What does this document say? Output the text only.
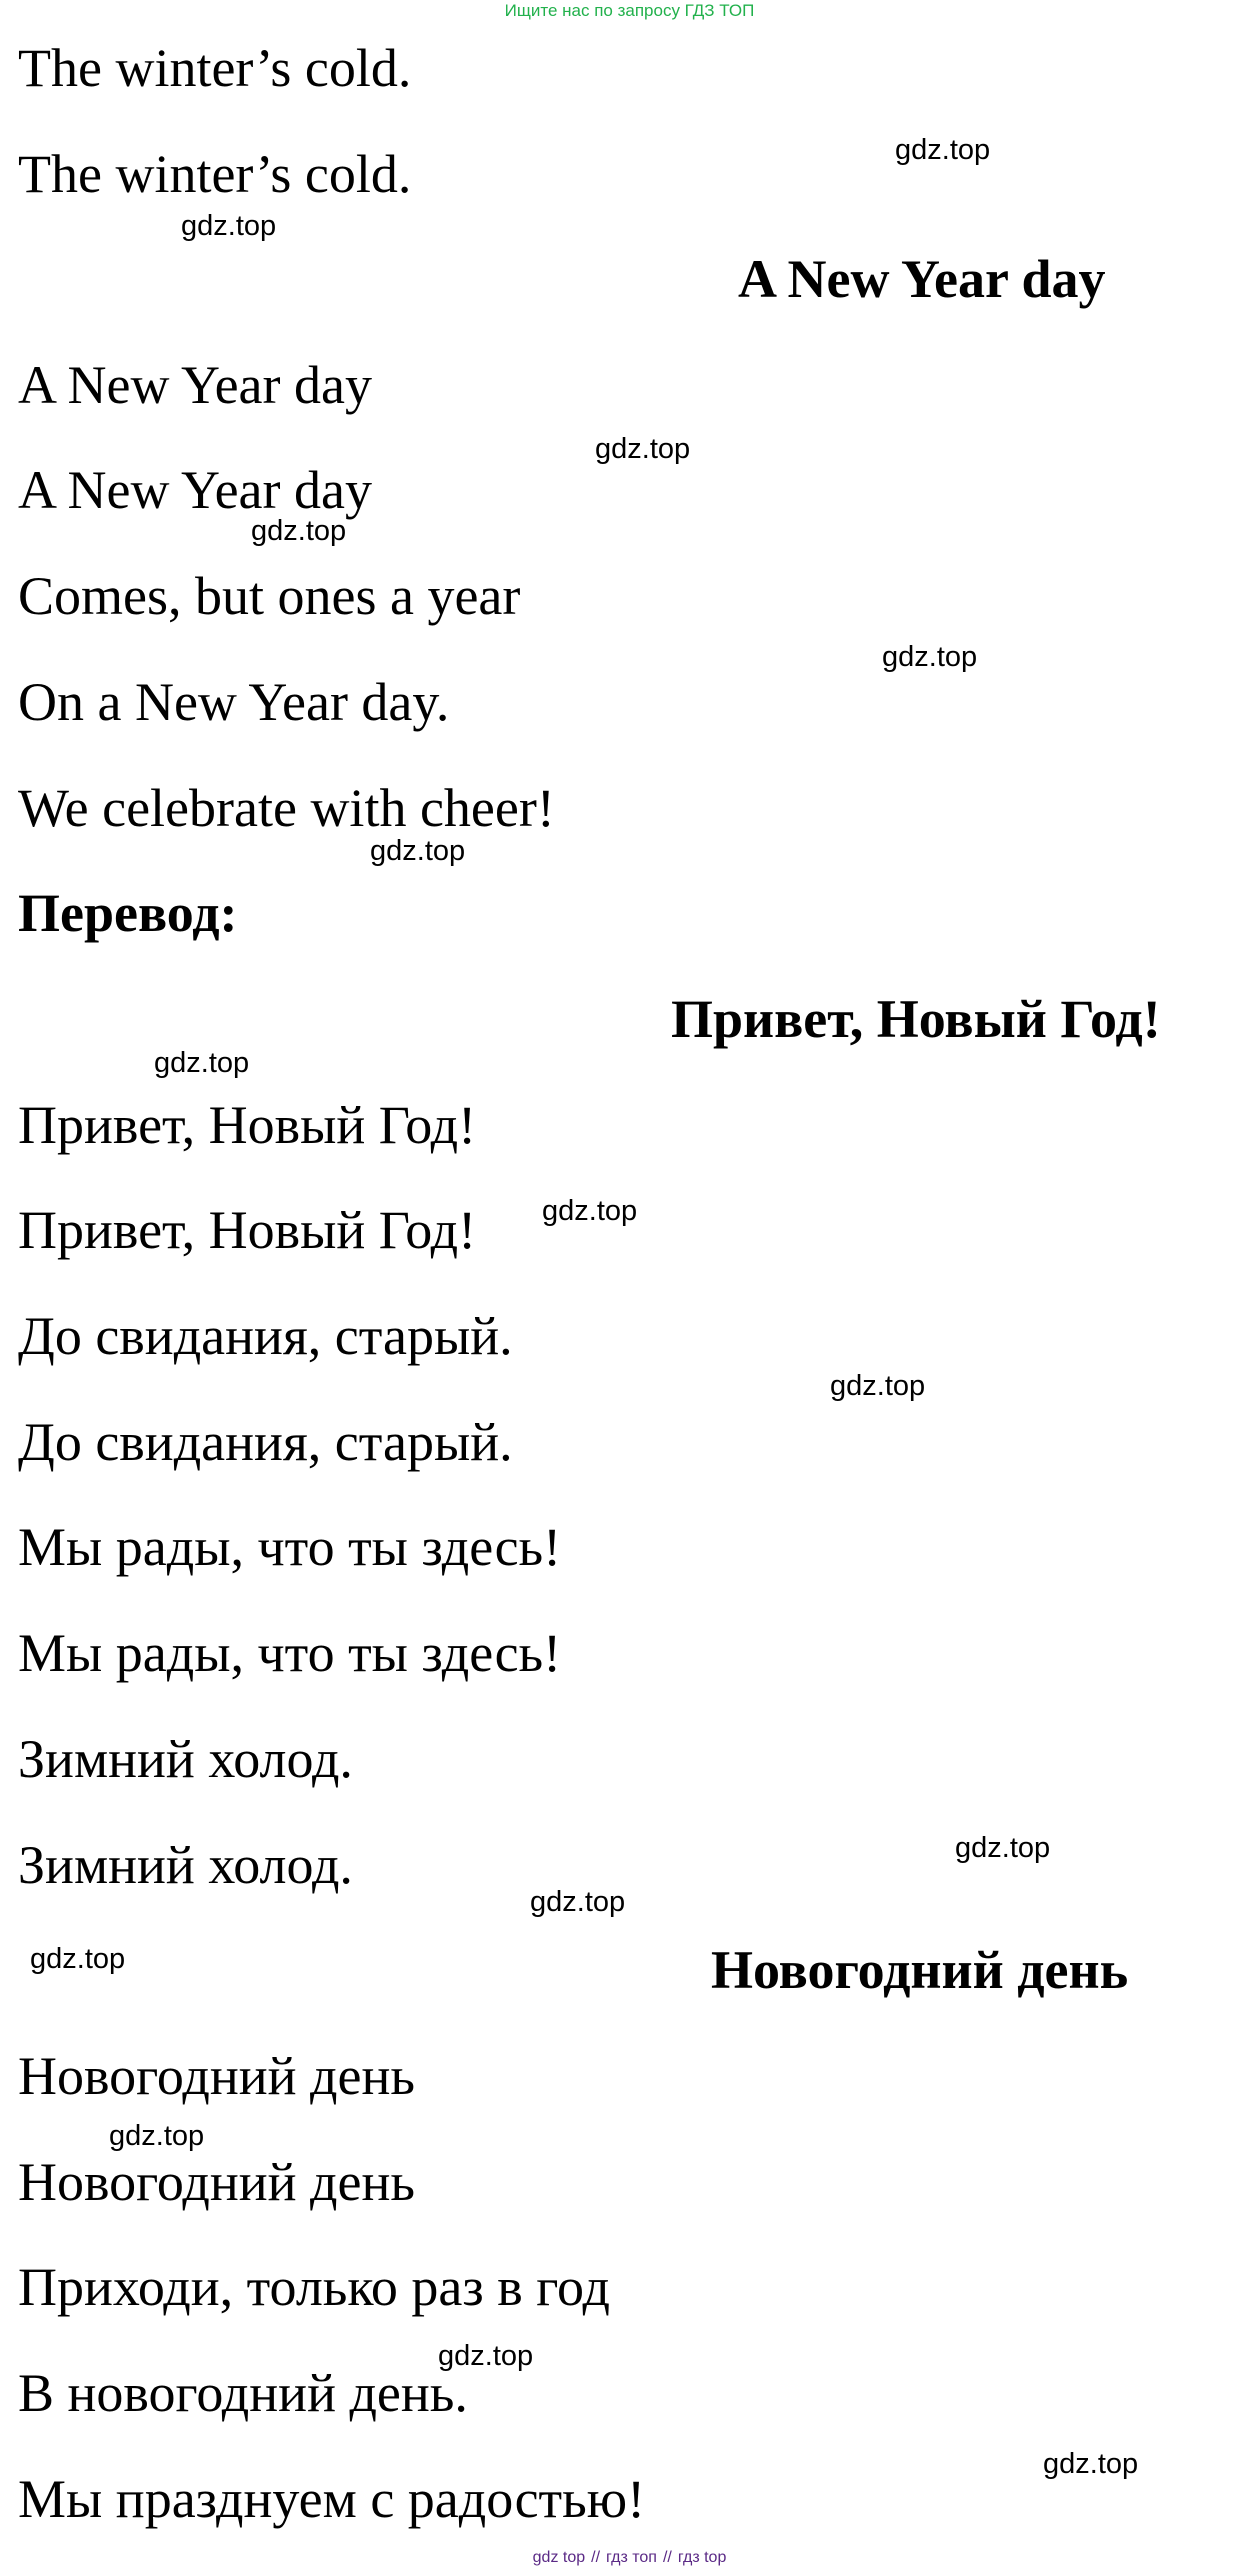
Ищите нас по запросу ГДЗ ТОП
The winter’s cold.
The winter’s cold.
A New Year day
A New Year day
A New Year day
Comes, but ones a year
On a New Year day.
We celebrate with cheer!
Перевод:
Привет, Новый Год!
Привет, Новый Год!
Привет, Новый Год!
До свидания, старый.
До свидания, старый.
Мы рады, что ты здесь!
Мы рады, что ты здесь!
Зимний холод.
Зимний холод.
Новогодний день
Новогодний день
Новогодний день
Приходи, только раз в год
В новогодний день.
Мы празднуем с радостью!
gdz.top
gdz.top
gdz.top
gdz.top
gdz.top
gdz.top
gdz.top
gdz.top
gdz.top
gdz.top
gdz.top
gdz.top
gdz.top
gdz.top
gdz.top
gdz top // гдз топ // гдз top
